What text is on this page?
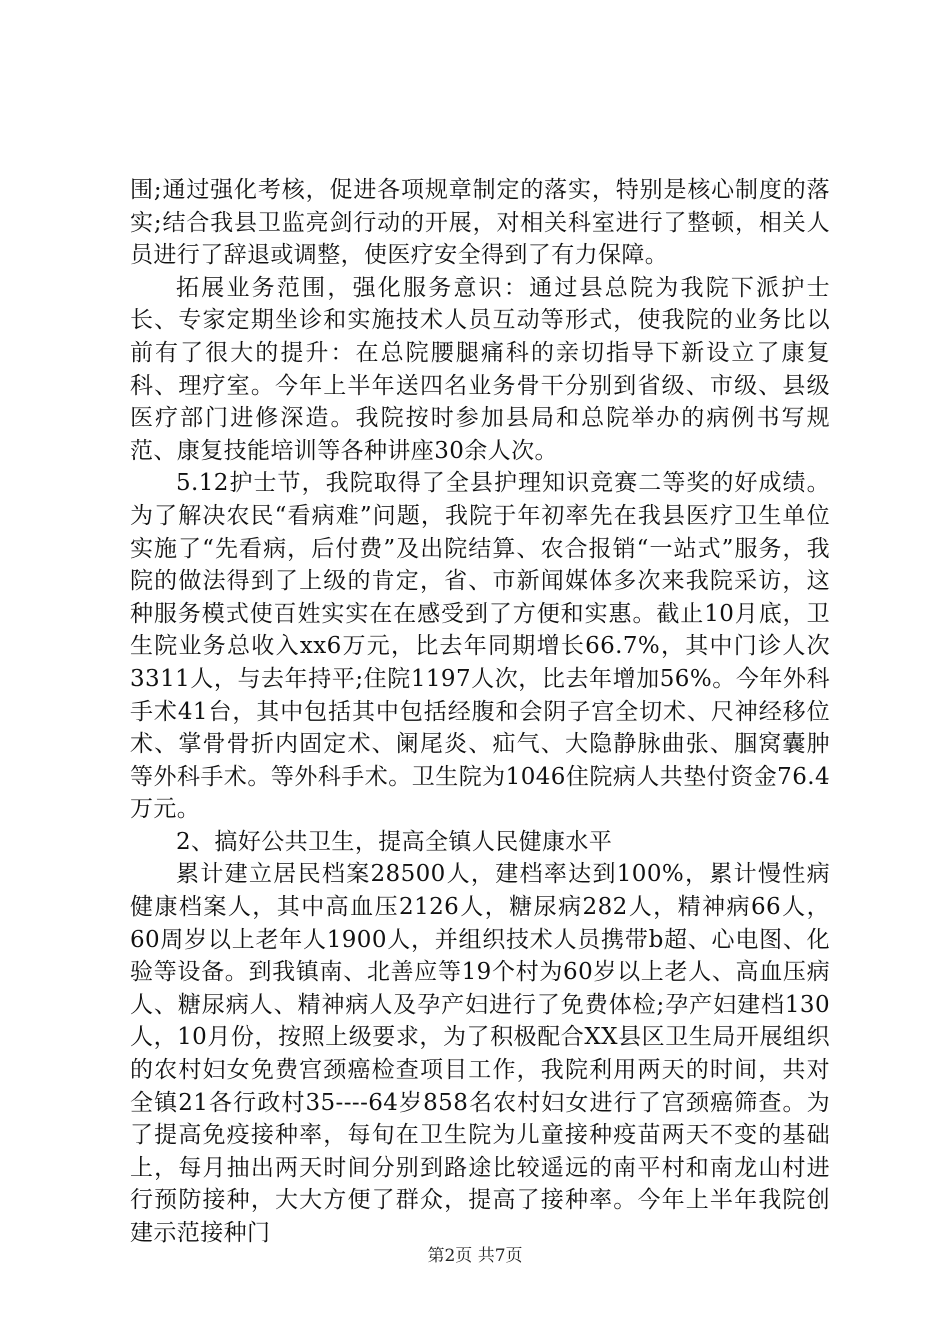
围;通过强化考核，促进各项规章制定的落实，特别是核心制度的落实;结合我县卫监亮剑行动的开展，对相关科室进行了整顿，相关人员进行了辞退或调整，使医疗安全得到了有力保障。

拓展业务范围，强化服务意识：通过县总院为我院下派护士长、专家定期坐诊和实施技术人员互动等形式，使我院的业务比以前有了很大的提升：在总院腰腿痛科的亲切指导下新设立了康复科、理疗室。今年上半年送四名业务骨干分别到省级、市级、县级医疗部门进修深造。我院按时参加县局和总院举办的病例书写规范、康复技能培训等各种讲座30余人次。

5.12护士节，我院取得了全县护理知识竞赛二等奖的好成绩。为了解决农民“看病难”问题，我院于年初率先在我县医疗卫生单位实施了“先看病，后付费”及出院结算、农合报销“一站式”服务，我院的做法得到了上级的肯定，省、市新闻媒体多次来我院采访，这种服务模式使百姓实实在在感受到了方便和实惠。截止10月底，卫生院业务总收入xx6万元，比去年同期增长66.7%，其中门诊人次3311人，与去年持平;住院1197人次，比去年增加56%。今年外科手术41台，其中包括其中包括经腹和会阴子宫全切术、尺神经移位术、掌骨骨折内固定术、阑尾炎、疝气、大隐静脉曲张、腘窝囊肿等外科手术。等外科手术。卫生院为1046住院病人共垫付资金76.4万元。

2、搞好公共卫生，提高全镇人民健康水平

累计建立居民档案28500人，建档率达到100%，累计慢性病健康档案人，其中高血压2126人，糖尿病282人，精神病66人，60周岁以上老年人1900人，并组织技术人员携带b超、心电图、化验等设备。到我镇南、北善应等19个村为60岁以上老人、高血压病人、糖尿病人、精神病人及孕产妇进行了免费体检;孕产妇建档130人，10月份，按照上级要求，为了积极配合XX县区卫生局开展组织的农村妇女免费宫颈癌检查项目工作，我院利用两天的时间，共对全镇21各行政村35----64岁858名农村妇女进行了宫颈癌筛查。为了提高免疫接种率，每旬在卫生院为儿童接种疫苗两天不变的基础上，每月抽出两天时间分别到路途比较遥远的南平村和南龙山村进行预防接种，大大方便了群众，提高了接种率。今年上半年我院创建示范接种门

第2页 共7页
